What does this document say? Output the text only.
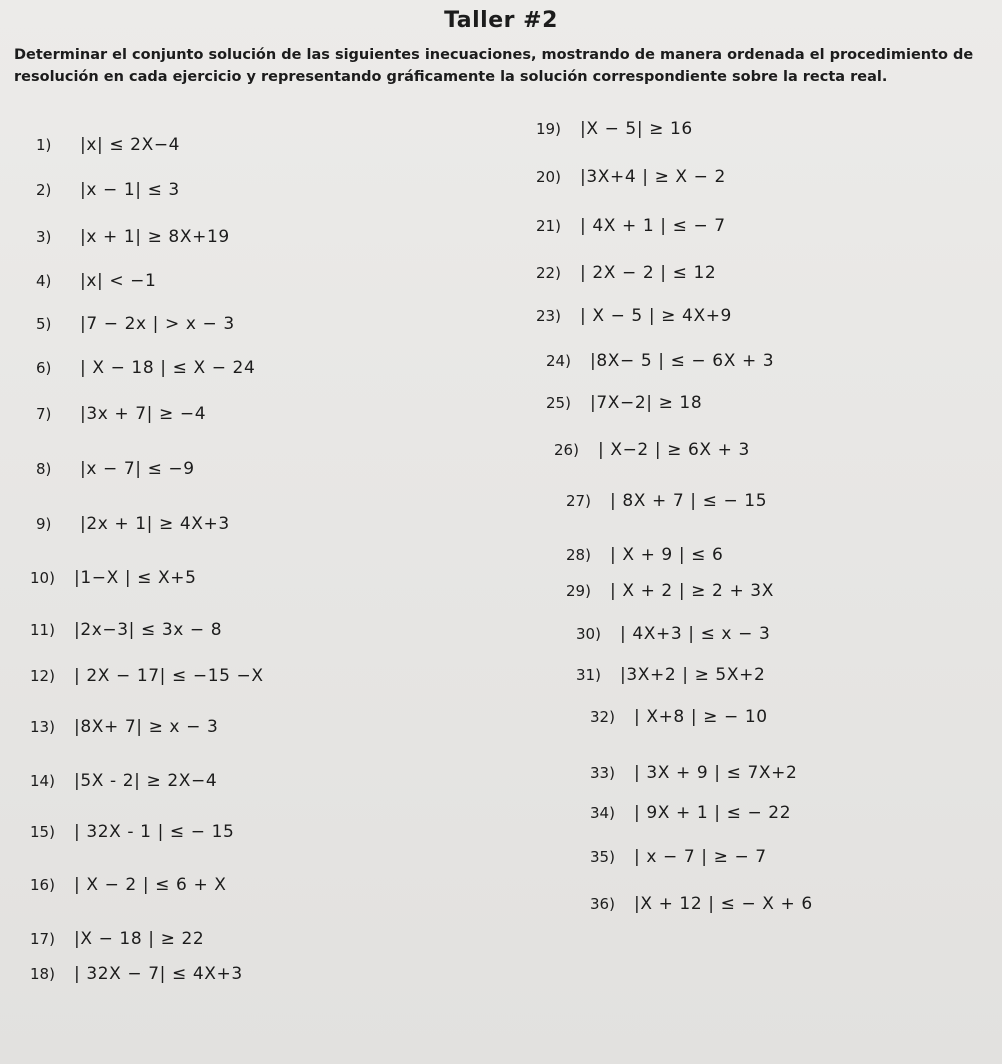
Taller #2
Determinar el conjunto solución de las siguientes inecuaciones, mostrando de manera ordenada el procedimiento de resolución en cada ejercicio y representando gráficamente la solución correspondiente sobre la recta real.
1) |x| ≤ 2X−4
2) |x − 1| ≤ 3
3) |x + 1| ≥ 8X+19
4) |x| < −1
5) |7 − 2x | > x − 3
6) | X − 18 | ≤ X − 24
7) |3x + 7| ≥ −4
8) |x − 7| ≤ −9
9) |2x + 1| ≥ 4X+3
10) |1−X | ≤ X+5
11) |2x−3| ≤ 3x − 8
12) | 2X − 17| ≤ −15 −X
13) |8X+ 7| ≥ x − 3
14) |5X - 2| ≥ 2X−4
15) | 32X - 1 | ≤ − 15
16) | X − 2 | ≤ 6 + X
17) |X − 18 | ≥ 22
18) | 32X − 7| ≤ 4X+3
19) |X − 5| ≥ 16
20) |3X+4 | ≥ X − 2
21) | 4X + 1 | ≤ − 7
22) | 2X − 2 | ≤ 12
23) | X − 5 | ≥ 4X+9
24) |8X− 5 | ≤ − 6X + 3
25) |7X−2| ≥ 18
26) | X−2 | ≥ 6X + 3
27) | 8X + 7 | ≤ − 15
28) | X + 9 | ≤ 6
29) | X + 2 | ≥ 2 + 3X
30) | 4X+3 | ≤ x − 3
31) |3X+2 | ≥ 5X+2
32) | X+8 | ≥ − 10
33) | 3X + 9 | ≤ 7X+2
34) | 9X + 1 | ≤ − 22
35) | x − 7 | ≥ − 7
36) |X + 12 | ≤ − X + 6
